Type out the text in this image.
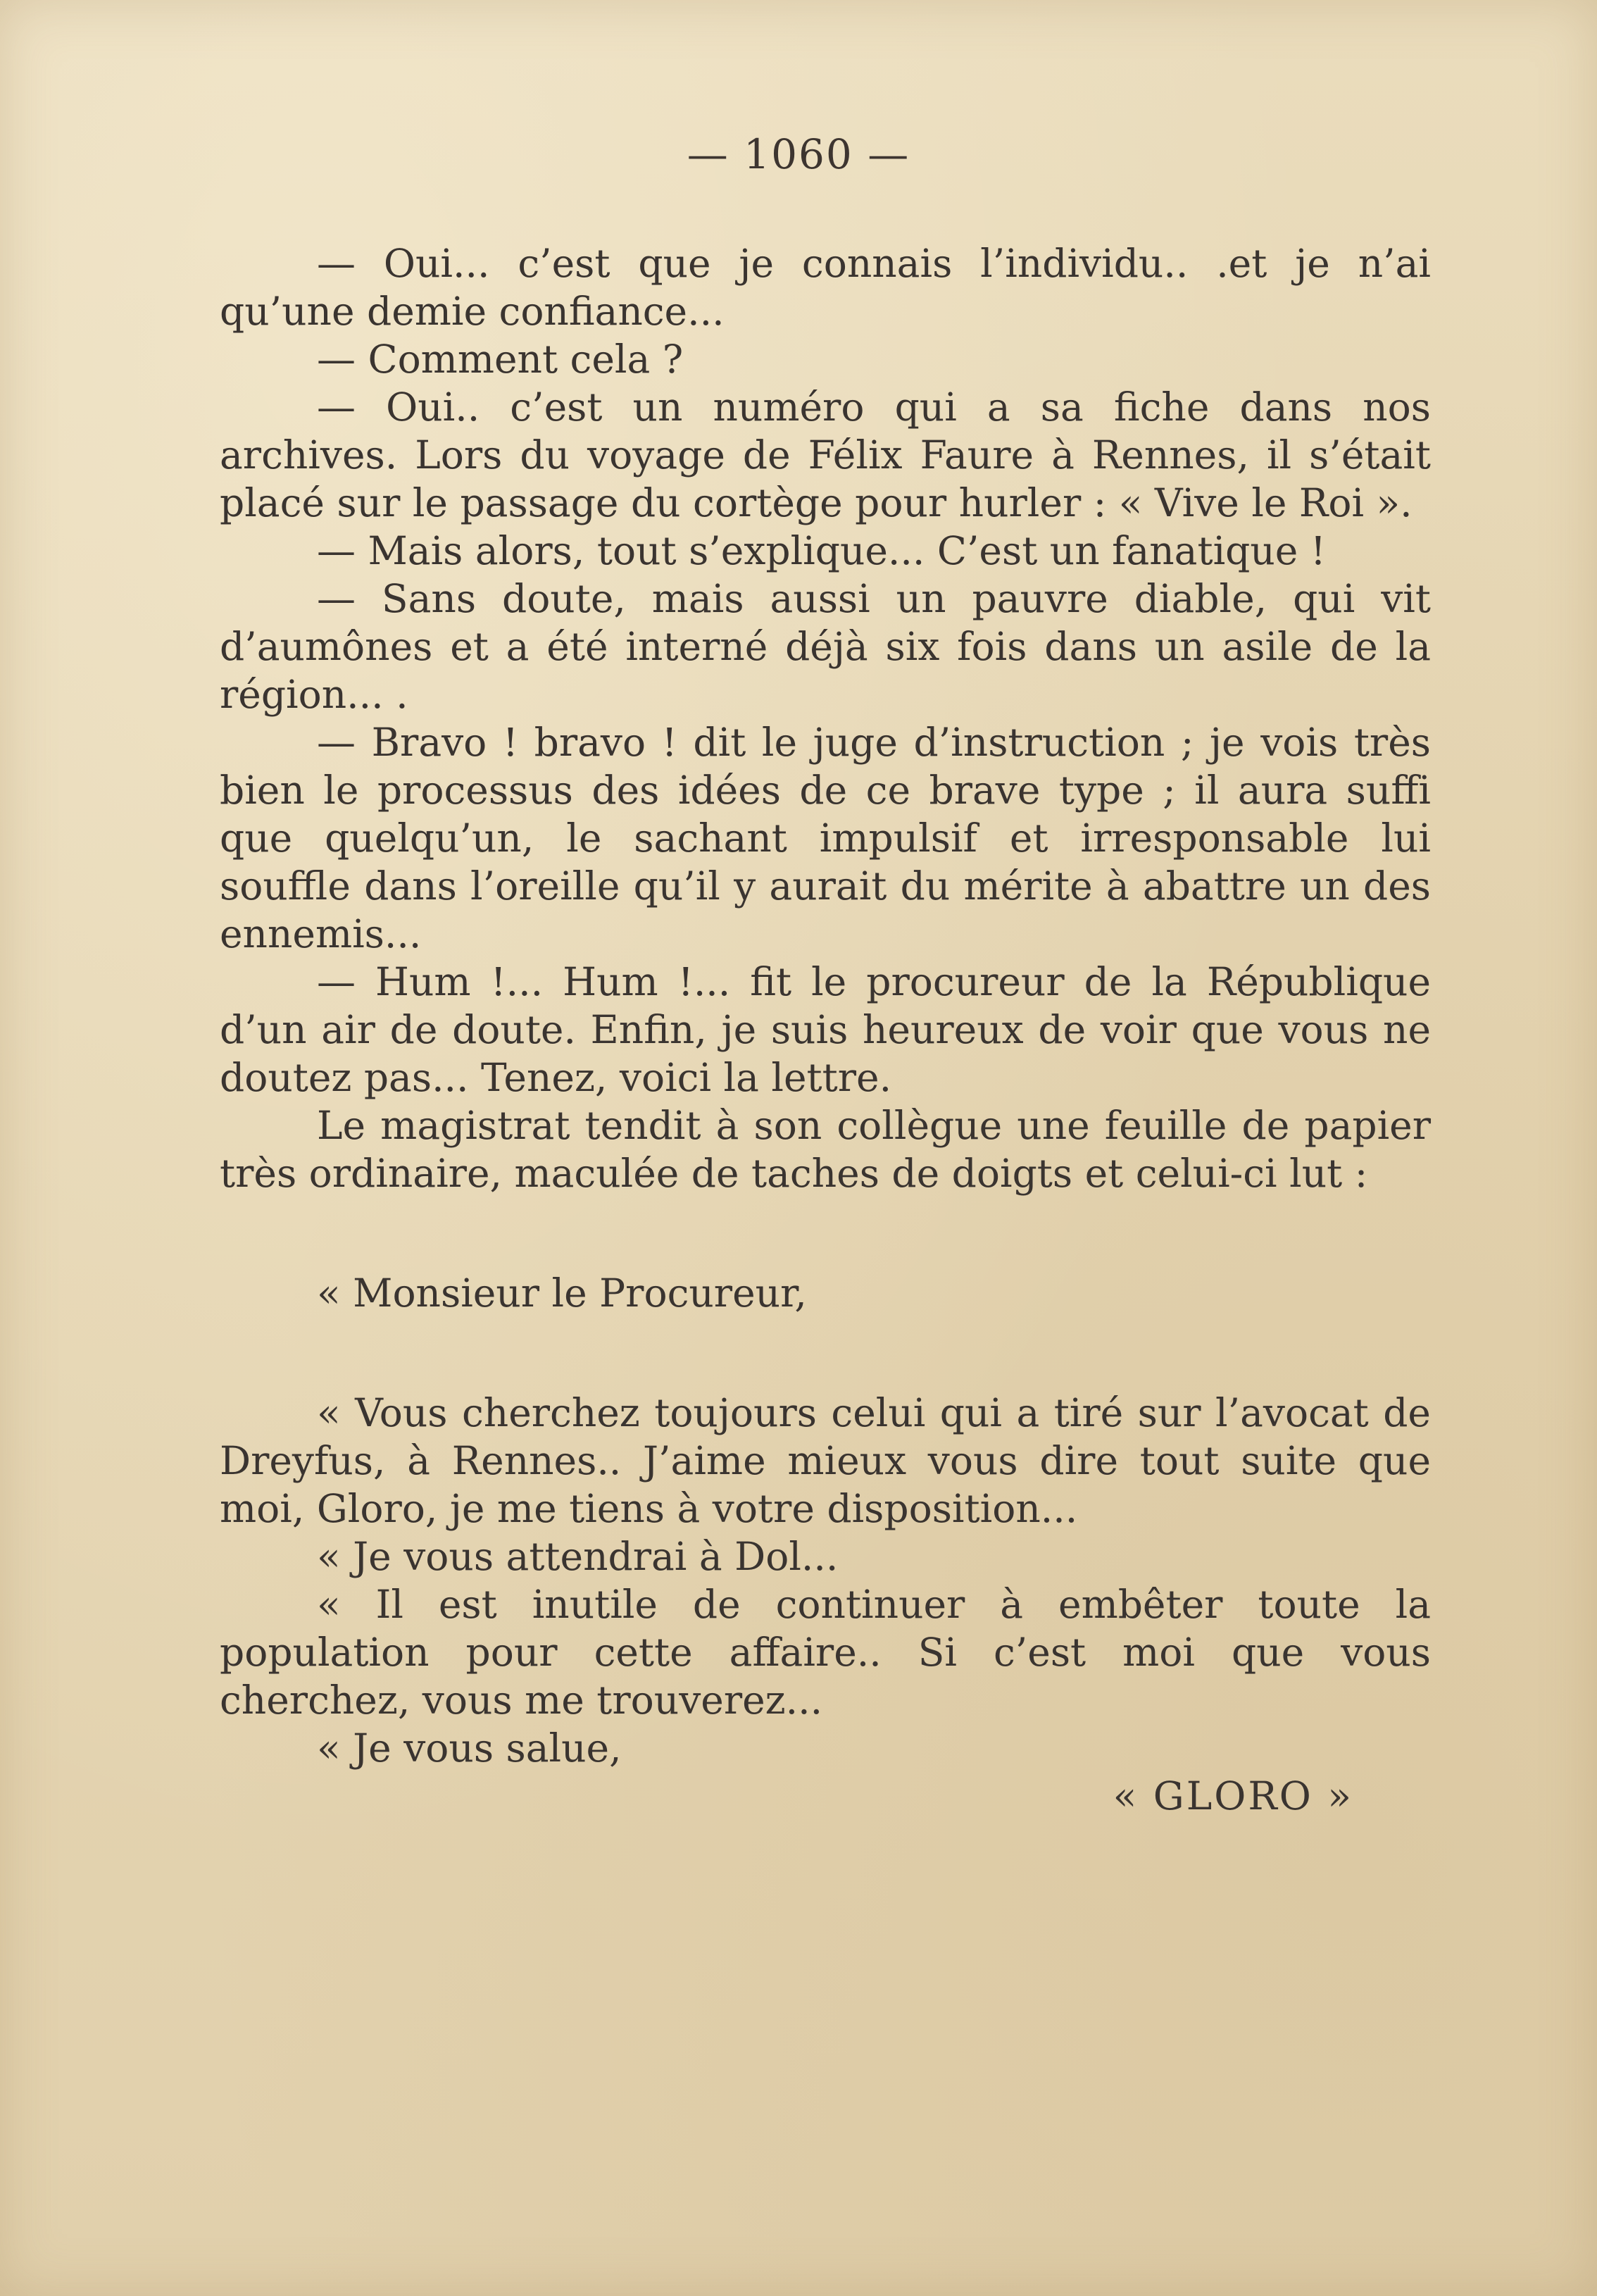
— 1060 —

— Oui... c’est que je connais l’individu.. .et je n’ai qu’une demie confiance...

— Comment cela ?

— Oui.. c’est un numéro qui a sa fiche dans nos archives. Lors du voyage de Félix Faure à Rennes, il s’était placé sur le passage du cortège pour hurler : « Vive le Roi ».

— Mais alors, tout s’explique... C’est un fanatique !

— Sans doute, mais aussi un pauvre diable, qui vit d’aumônes et a été interné déjà six fois dans un asile de la région... .

— Bravo ! bravo ! dit le juge d’instruction ; je vois très bien le processus des idées de ce brave type ; il aura suffi que quelqu’un, le sachant impulsif et irresponsable lui souffle dans l’oreille qu’il y aurait du mérite à abattre un des ennemis...

— Hum !... Hum !... fit le procureur de la République d’un air de doute. Enfin, je suis heureux de voir que vous ne doutez pas... Tenez, voici la lettre.

Le magistrat tendit à son collègue une feuille de papier très ordinaire, maculée de taches de doigts et celui-ci lut :

« Monsieur le Procureur,

« Vous cherchez toujours celui qui a tiré sur l’avocat de Dreyfus, à Rennes.. J’aime mieux vous dire tout suite que moi, Gloro, je me tiens à votre disposition...

« Je vous attendrai à Dol...

« Il est inutile de continuer à embêter toute la population pour cette affaire.. Si c’est moi que vous cherchez, vous me trouverez...

« Je vous salue,

« GLORO »
